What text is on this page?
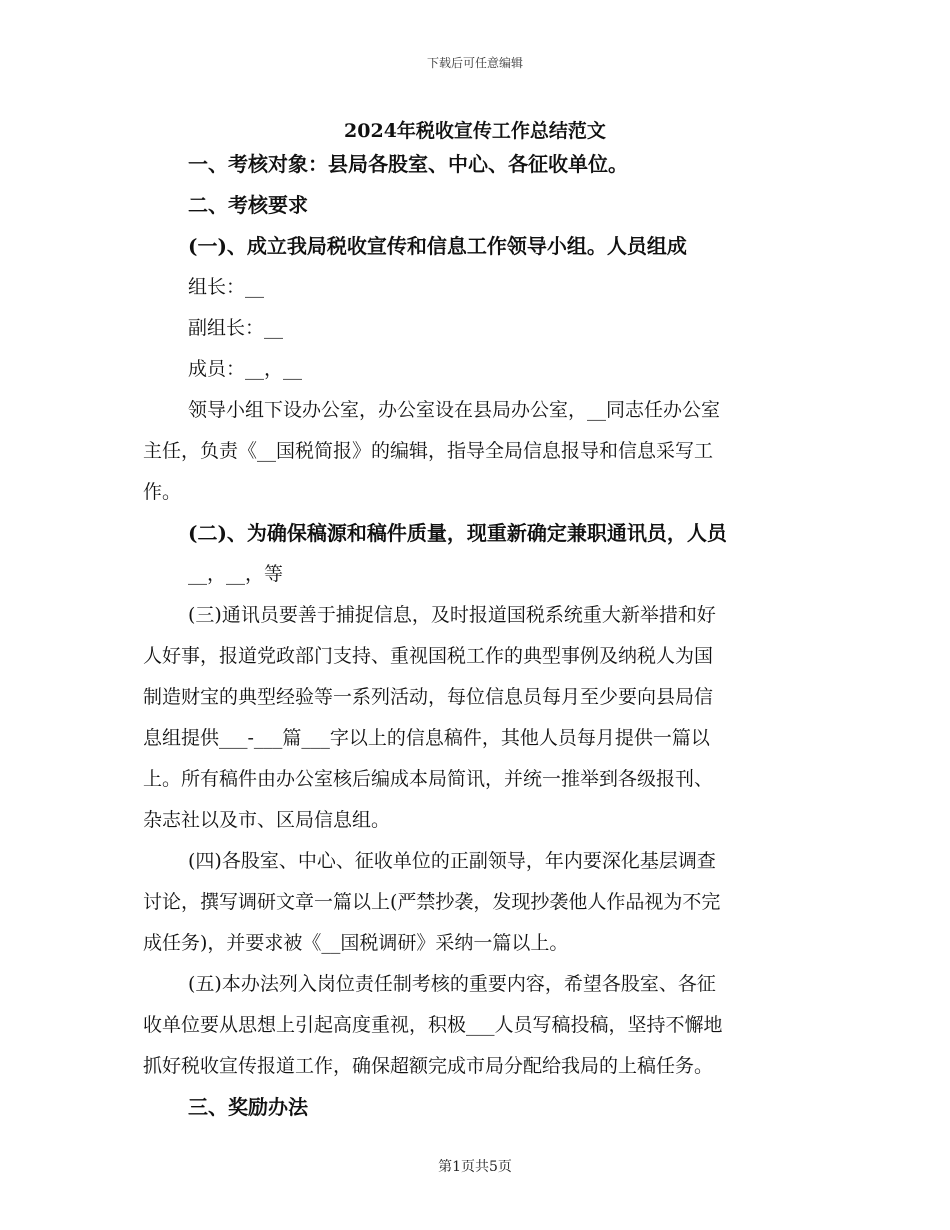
下载后可任意编辑
2024年税收宣传工作总结范文
一、考核对象：县局各股室、中心、各征收单位。
二、考核要求
(一)、成立我局税收宣传和信息工作领导小组。人员组成
组长：__
副组长：__
成员：__，__
领导小组下设办公室，办公室设在县局办公室，__同志任办公室
主任，负责《__国税简报》的编辑，指导全局信息报导和信息采写工
作。
(二)、为确保稿源和稿件质量，现重新确定兼职通讯员，人员
__，__，等
(三)通讯员要善于捕捉信息，及时报道国税系统重大新举措和好
人好事，报道党政部门支持、重视国税工作的典型事例及纳税人为国
制造财宝的典型经验等一系列活动，每位信息员每月至少要向县局信
息组提供___-___篇___字以上的信息稿件，其他人员每月提供一篇以
上。所有稿件由办公室核后编成本局简讯，并统一推举到各级报刊、
杂志社以及市、区局信息组。
(四)各股室、中心、征收单位的正副领导，年内要深化基层调查
讨论，撰写调研文章一篇以上(严禁抄袭，发现抄袭他人作品视为不完
成任务)，并要求被《__国税调研》采纳一篇以上。
(五)本办法列入岗位责任制考核的重要内容，希望各股室、各征
收单位要从思想上引起高度重视，积极___人员写稿投稿，坚持不懈地
抓好税收宣传报道工作，确保超额完成市局分配给我局的上稿任务。
三、奖励办法
第1页共5页
